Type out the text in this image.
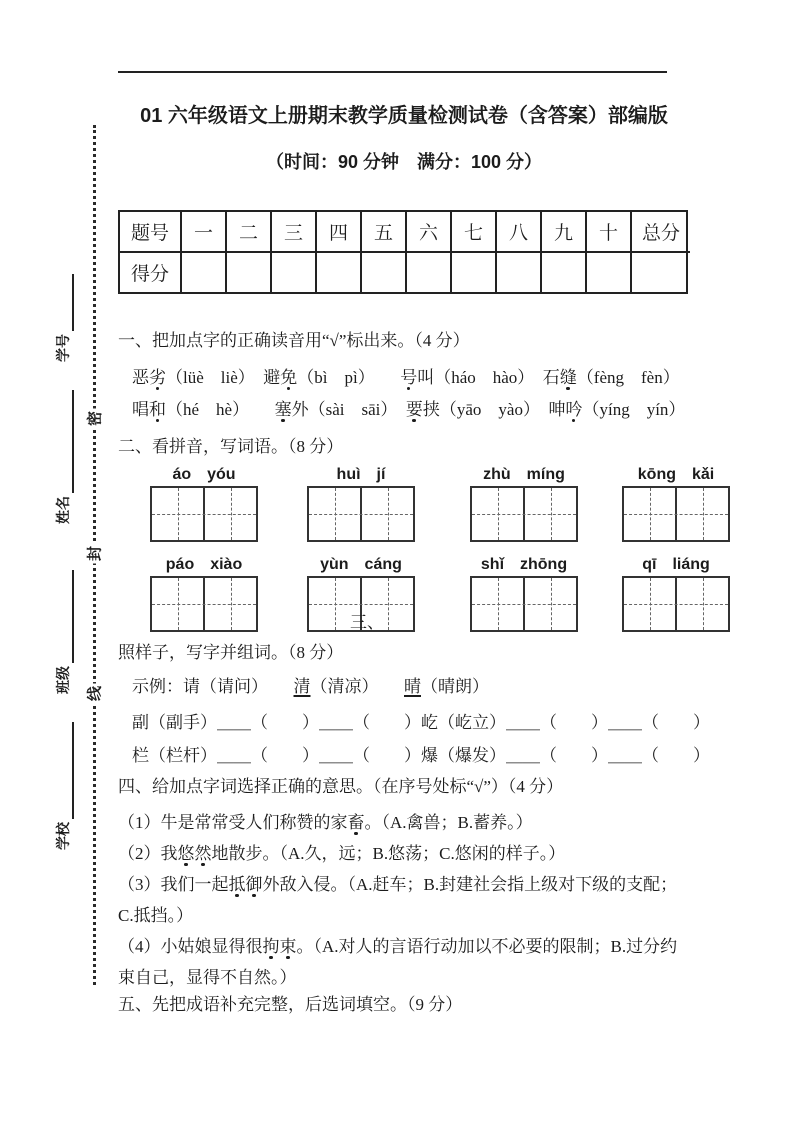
密
封
线
学号
姓名
班级
学校
01 六年级语文上册期末教学质量检测试卷（含答案）部编版
（时间：90 分钟　满分：100 分）
题号	一	二	三	四	五	六	七	八	九	十	总分
得分
一、把加点字的正确读音用“√”标出来。（4 分）

恶劣（lüè　liè）　避免（bì　pì）　　号叫（háo　hào）　石缝（fèng　fèn）

唱和（hé　hè）　　塞外（sài　sāi）　要挟（yāo　yào）　呻吟（yíng　yín）

二、看拼音，写词语。（8 分）
áo　yóu	huì　jí	zhù　míng	kōng　kǎi
páo　xiào	yùn　cáng	shǐ　zhōng	qī　liáng
三、
照样子，写字并组词。（8 分）

示例：请（请问）　　清（清凉）　　晴（晴朗）

副（副手）＿＿（　　）＿＿（　　）屹（屹立）＿＿（　　）＿＿（　　）

栏（栏杆）＿＿（　　）＿＿（　　）爆（爆发）＿＿（　　）＿＿（　　）

四、给加点字词选择正确的意思。（在序号处标“√”）（4 分）

（1）牛是常常受人们称赞的家畜。（A.禽兽；B.蓄养。）

（2）我悠然地散步。（A.久，远；B.悠荡；C.悠闲的样子。）

（3）我们一起抵御外敌入侵。（A.赶车；B.封建社会指上级对下级的支配；C.抵挡。）

（4）小姑娘显得很拘束。（A.对人的言语行动加以不必要的限制；B.过分约束自己，显得不自然。）

五、先把成语补充完整，后选词填空。（9 分）
